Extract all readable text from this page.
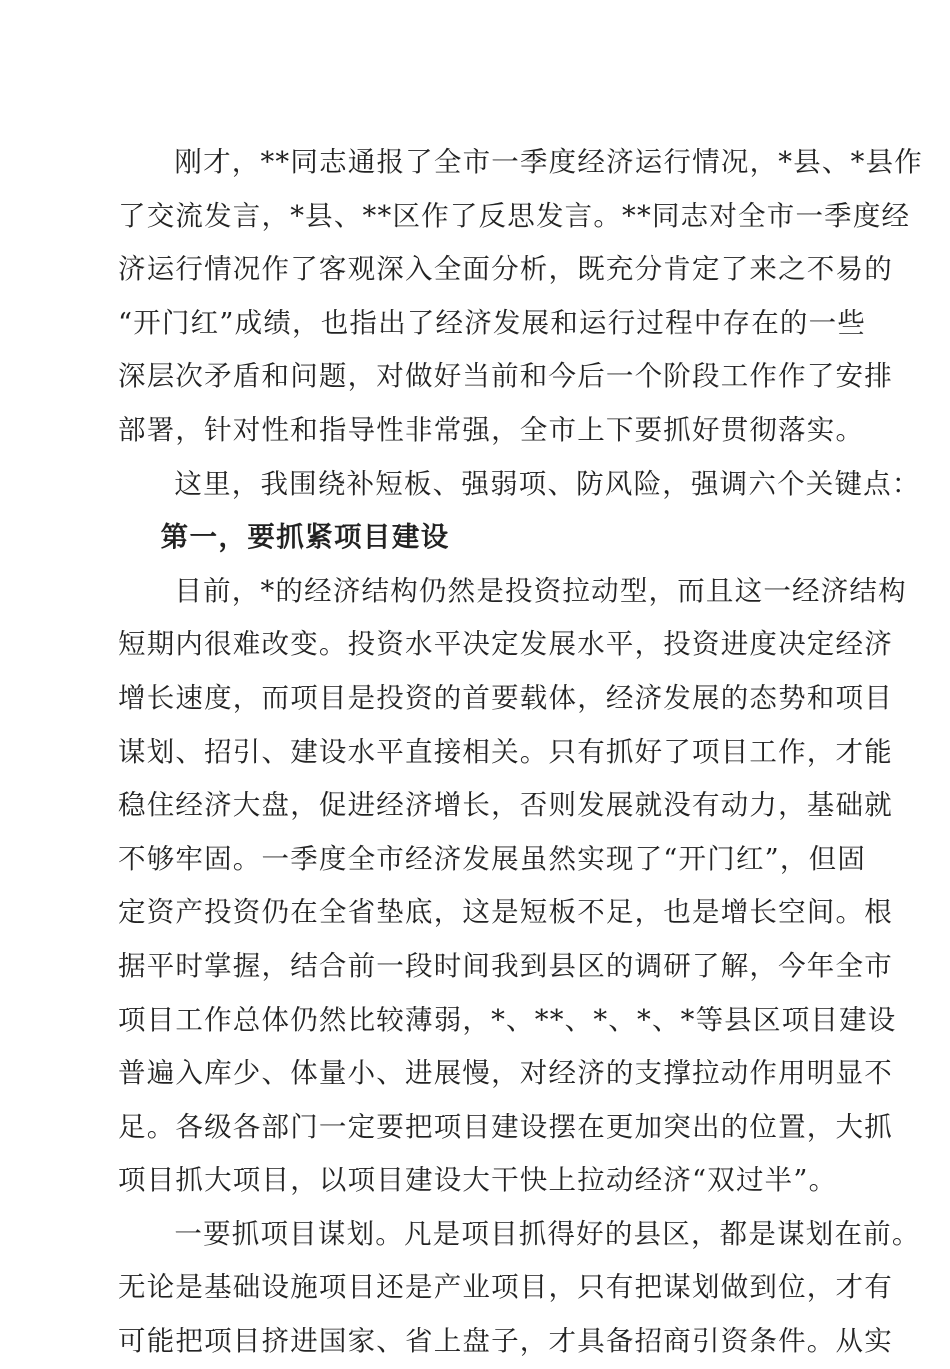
刚才，**同志通报了全市一季度经济运行情况，*县、*县作
了交流发言，*县、**区作了反思发言。**同志对全市一季度经
济运行情况作了客观深入全面分析，既充分肯定了来之不易的
“开门红”成绩，也指出了经济发展和运行过程中存在的一些
深层次矛盾和问题，对做好当前和今后一个阶段工作作了安排
部署，针对性和指导性非常强，全市上下要抓好贯彻落实。

这里，我围绕补短板、强弱项、防风险，强调六个关键点：

第一，要抓紧项目建设

目前，*的经济结构仍然是投资拉动型，而且这一经济结构
短期内很难改变。投资水平决定发展水平，投资进度决定经济
增长速度，而项目是投资的首要载体，经济发展的态势和项目
谋划、招引、建设水平直接相关。只有抓好了项目工作，才能
稳住经济大盘，促进经济增长，否则发展就没有动力，基础就
不够牢固。一季度全市经济发展虽然实现了“开门红”，但固
定资产投资仍在全省垫底，这是短板不足，也是增长空间。根
据平时掌握，结合前一段时间我到县区的调研了解，今年全市
项目工作总体仍然比较薄弱，*、**、*、*、*等县区项目建设
普遍入库少、体量小、进展慢，对经济的支撑拉动作用明显不
足。各级各部门一定要把项目建设摆在更加突出的位置，大抓
项目抓大项目，以项目建设大干快上拉动经济“双过半”。

一要抓项目谋划。凡是项目抓得好的县区，都是谋划在前。
无论是基础设施项目还是产业项目，只有把谋划做到位，才有
可能把项目挤进国家、省上盘子，才具备招商引资条件。从实
